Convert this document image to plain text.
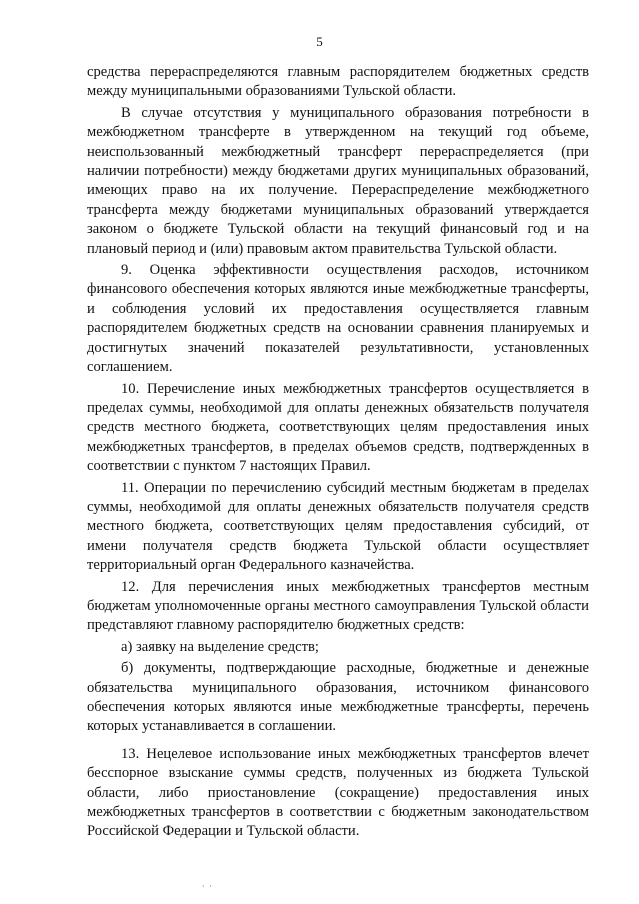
5

средства перераспределяются главным распорядителем бюджетных средств между муниципальными образованиями Тульской области.

В случае отсутствия у муниципального образования потребности в межбюджетном трансферте в утвержденном на текущий год объеме, неиспользованный межбюджетный трансферт перераспределяется (при наличии потребности) между бюджетами других муниципальных образований, имеющих право на их получение. Перераспределение межбюджетного трансферта между бюджетами муниципальных образований утверждается законом о бюджете Тульской области на текущий финансовый год и на плановый период и (или) правовым актом правительства Тульской области.

9. Оценка эффективности осуществления расходов, источником финансового обеспечения которых являются иные межбюджетные трансферты, и соблюдения условий их предоставления осуществляется главным распорядителем бюджетных средств на основании сравнения планируемых и достигнутых значений показателей результативности, установленных соглашением.

10. Перечисление иных межбюджетных трансфертов осуществляется в пределах суммы, необходимой для оплаты денежных обязательств получателя средств местного бюджета, соответствующих целям предоставления иных межбюджетных трансфертов, в пределах объемов средств, подтвержденных в соответствии с пунктом 7 настоящих Правил.

11. Операции по перечислению субсидий местным бюджетам в пределах суммы, необходимой для оплаты денежных обязательств получателя средств местного бюджета, соответствующих целям предоставления субсидий, от имени получателя средств бюджета Тульской области осуществляет территориальный орган Федерального казначейства.

12. Для перечисления иных межбюджетных трансфертов местным бюджетам уполномоченные органы местного самоуправления Тульской области представляют главному распорядителю бюджетных средств:

а) заявку на выделение средств;

б) документы, подтверждающие расходные, бюджетные и денежные обязательства муниципального образования, источником финансового обеспечения которых являются иные межбюджетные трансферты, перечень которых устанавливается в соглашении.

13. Нецелевое использование иных межбюджетных трансфертов влечет бесспорное взыскание суммы средств, полученных из бюджета Тульской области, либо приостановление (сокращение) предоставления иных межбюджетных трансфертов в соответствии с бюджетным законодательством Российской Федерации и Тульской области.

· ·
